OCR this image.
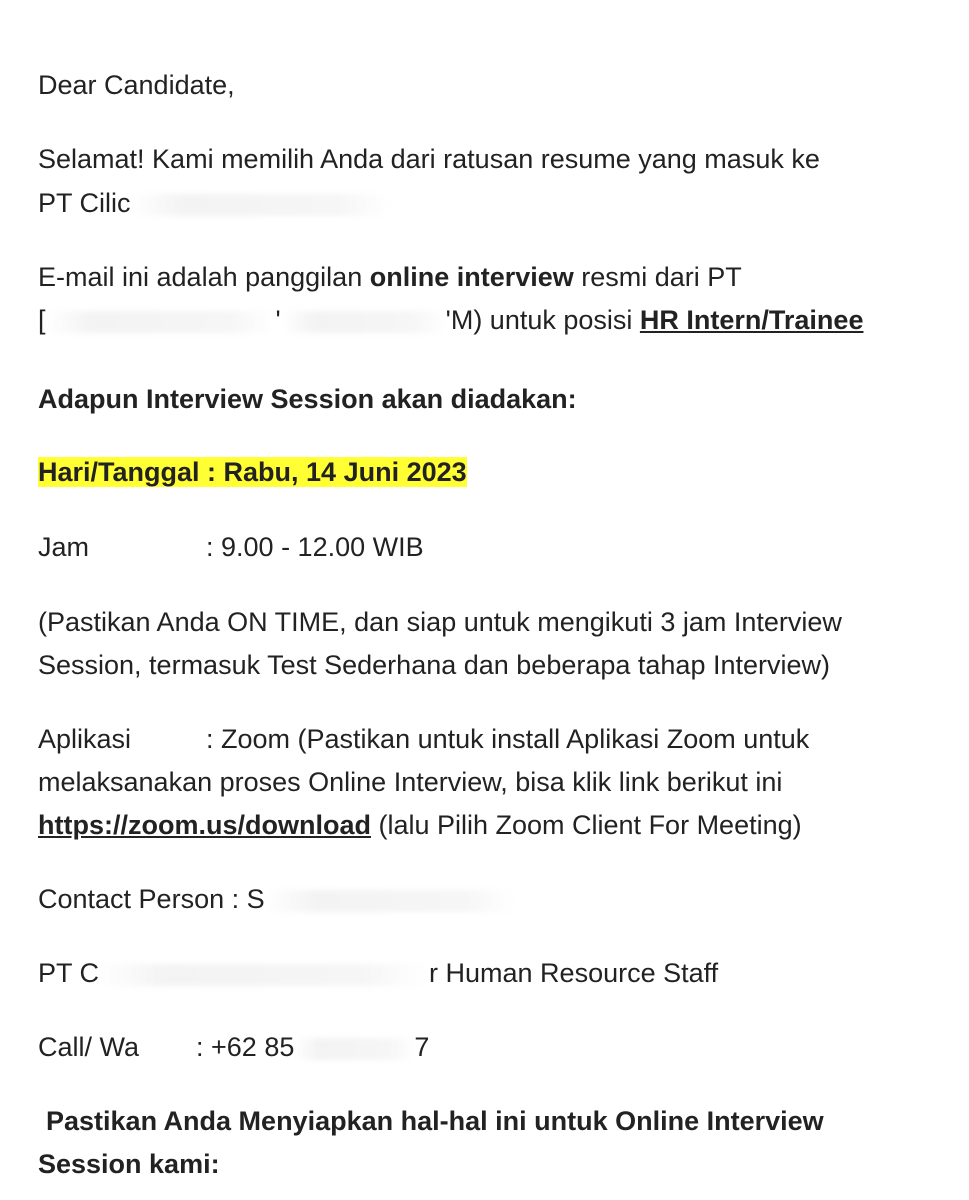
Dear Candidate,
Selamat! Kami memilih Anda dari ratusan resume yang masuk ke
PT Cilic
E-mail ini adalah panggilan online interview resmi dari PT
[	'	'M) untuk posisi HR Intern/Trainee
Adapun Interview Session akan diadakan:
Hari/Tanggal : Rabu, 14 Juni 2023
Jam	: 9.00 - 12.00 WIB
(Pastikan Anda ON TIME, dan siap untuk mengikuti 3 jam Interview
Session, termasuk Test Sederhana dan beberapa tahap Interview)
Aplikasi	: Zoom (Pastikan untuk install Aplikasi Zoom untuk
melaksanakan proses Online Interview, bisa klik link berikut ini
https://zoom.us/download (lalu Pilih Zoom Client For Meeting)
Contact Person : S
PT C	r Human Resource Staff
Call/ Wa : +62 85	7
Pastikan Anda Menyiapkan hal-hal ini untuk Online Interview
Session kami:
